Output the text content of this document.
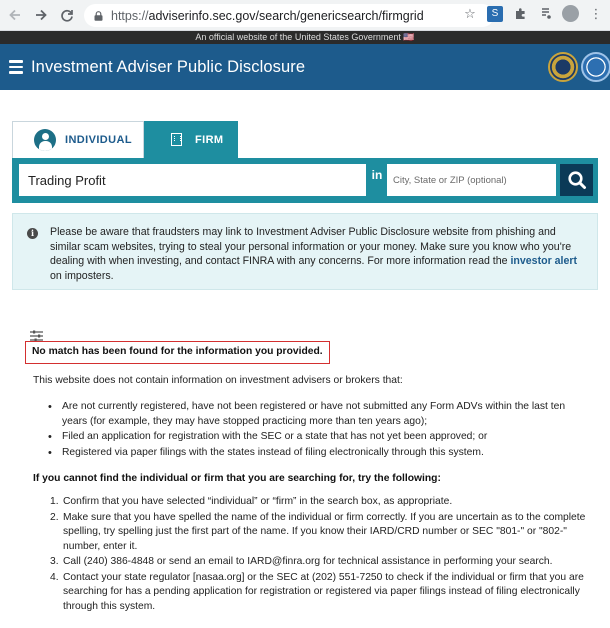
https:// adviserinfo.sec.gov/search/genericsearch/firmgrid	☆	S	⋮
An official website of the United States Government 🇺🇸
Investment Adviser Public Disclosure
INDIVIDUAL	FIRM
Trading Profit
in
City, State or ZIP (optional)
i	Please be aware that fraudsters may link to Investment Adviser Public Disclosure website from phishing and similar scam websites, trying to steal your personal information or your money. Make sure you know who you're dealing with when investing, and contact FINRA with any concerns. For more information read the investor alert on imposters.
No match has been found for the information you provided.
This website does not contain information on investment advisers or brokers that:
• Are not currently registered, have not been registered or have not submitted any Form ADVs within the last ten years (for example, they may have stopped practicing more than ten years ago);
• Filed an application for registration with the SEC or a state that has not yet been approved; or
• Registered via paper filings with the states instead of filing electronically through this system.
If you cannot find the individual or firm that you are searching for, try the following:
1. Confirm that you have selected “individual” or “firm” in the search box, as appropriate.
2. Make sure that you have spelled the name of the individual or firm correctly. If you are uncertain as to the complete spelling, try spelling just the first part of the name. If you know their IARD/CRD number or SEC "801-" or "802-" number, enter it.
3. Call (240) 386-4848 or send an email to IARD@finra.org for technical assistance in performing your search.
4. Contact your state regulator [nasaa.org] or the SEC at (202) 551-7250 to check if the individual or firm that you are searching for has a pending application for registration or registered via paper filings instead of filing electronically through this system.
